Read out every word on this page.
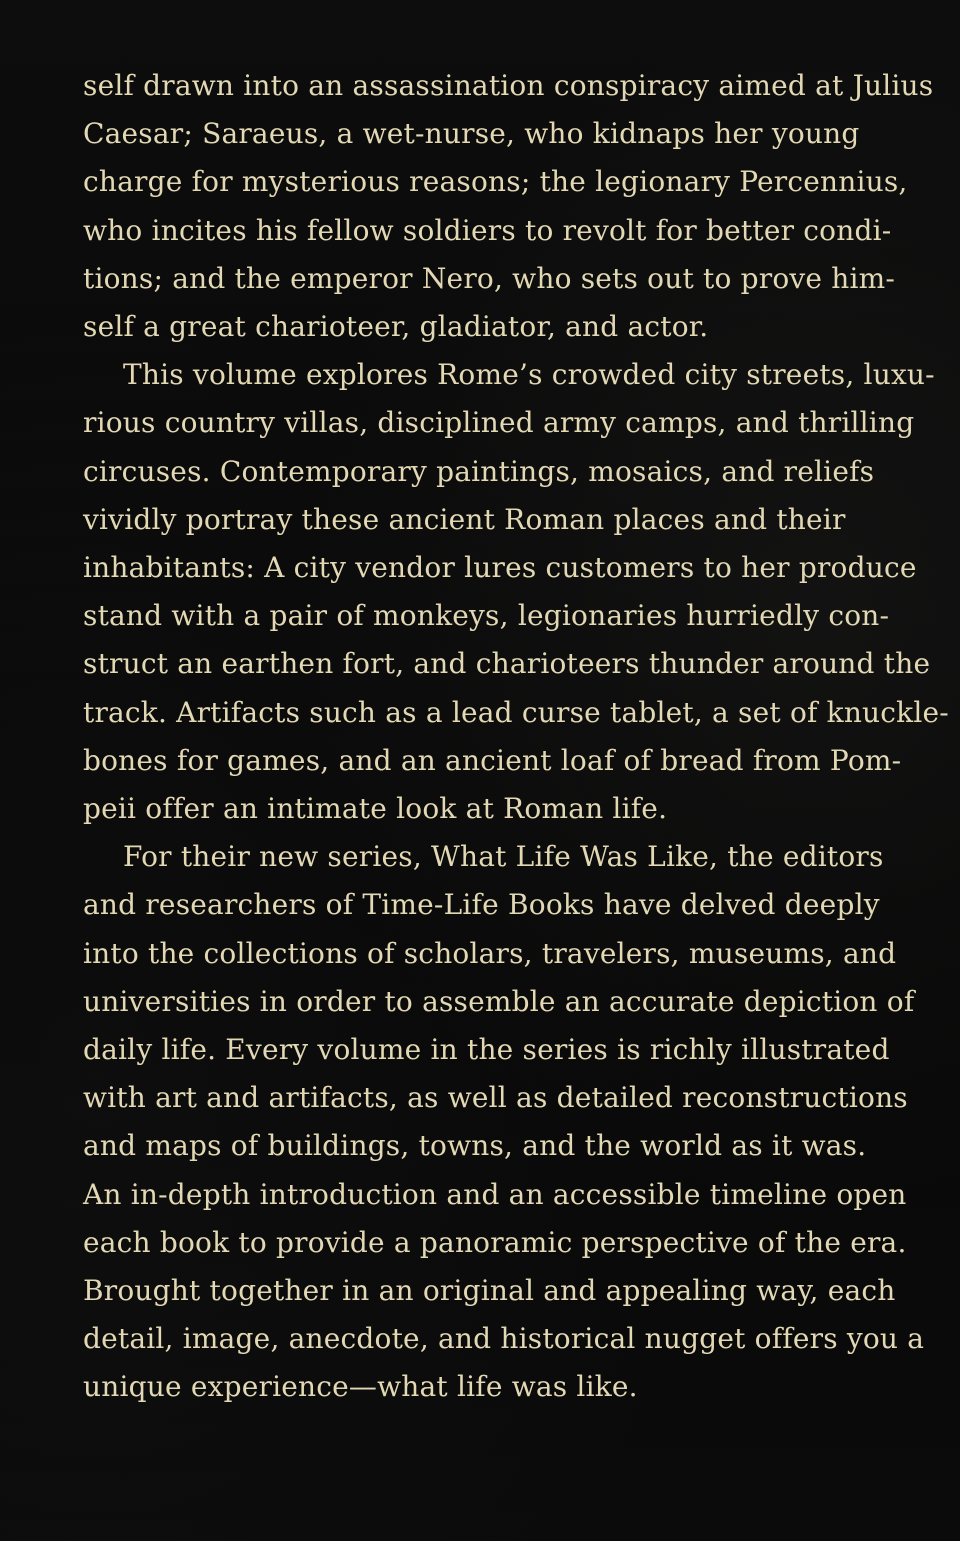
self drawn into an assassination conspiracy aimed at Julius
Caesar; Saraeus, a wet-nurse, who kidnaps her young
charge for mysterious reasons; the legionary Percennius,
who incites his fellow soldiers to revolt for better condi-
tions; and the emperor Nero, who sets out to prove him-
self a great charioteer, gladiator, and actor.

This volume explores Rome’s crowded city streets, luxu-
rious country villas, disciplined army camps, and thrilling
circuses. Contemporary paintings, mosaics, and reliefs
vividly portray these ancient Roman places and their
inhabitants: A city vendor lures customers to her produce
stand with a pair of monkeys, legionaries hurriedly con-
struct an earthen fort, and charioteers thunder around the
track. Artifacts such as a lead curse tablet, a set of knuckle-
bones for games, and an ancient loaf of bread from Pom-
peii offer an intimate look at Roman life.

For their new series, What Life Was Like, the editors
and researchers of Time-Life Books have delved deeply
into the collections of scholars, travelers, museums, and
universities in order to assemble an accurate depiction of
daily life. Every volume in the series is richly illustrated
with art and artifacts, as well as detailed reconstructions
and maps of buildings, towns, and the world as it was.
An in-depth introduction and an accessible timeline open
each book to provide a panoramic perspective of the era.
Brought together in an original and appealing way, each
detail, image, anecdote, and historical nugget offers you a
unique experience—what life was like.
